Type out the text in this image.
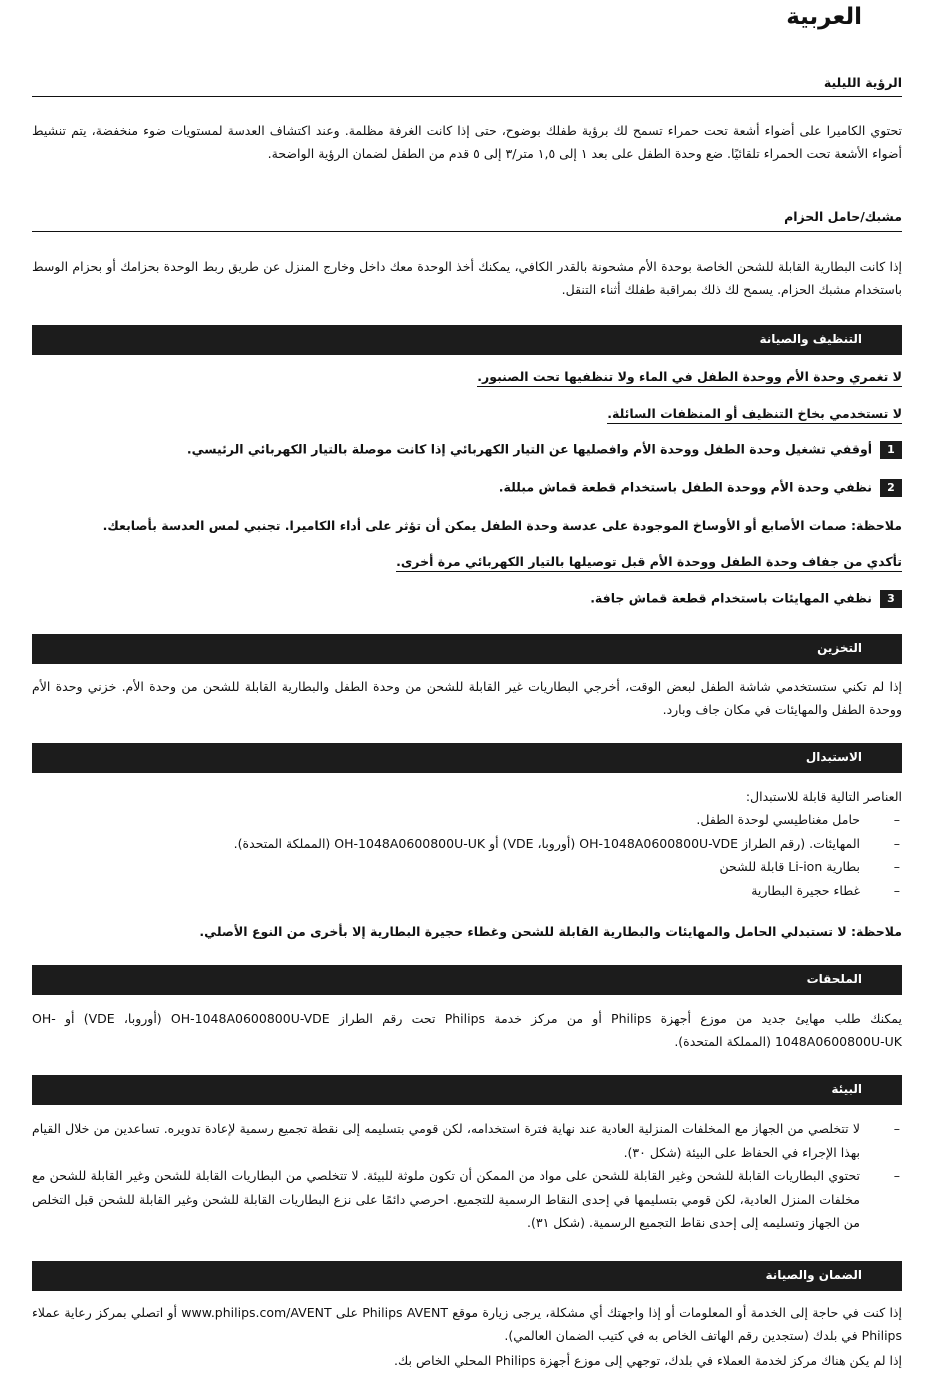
العربية
الرؤية الليلية

تحتوي الكاميرا على أضواء أشعة تحت حمراء تسمح لك برؤية طفلك بوضوح، حتى إذا كانت الغرفة مظلمة. وعند اكتشاف العدسة لمستويات ضوء منخفضة، يتم تنشيط أضواء الأشعة تحت الحمراء تلقائيًا. ضع وحدة الطفل على بعد ١ إلى ١,٥ متر/٣ إلى ٥ قدم من الطفل لضمان الرؤية الواضحة.

مشبك/حامل الحزام

إذا كانت البطارية القابلة للشحن الخاصة بوحدة الأم مشحونة بالقدر الكافي، يمكنك أخذ الوحدة معك داخل وخارج المنزل عن طريق ربط الوحدة بحزامك أو بحزام الوسط باستخدام مشبك الحزام. يسمح لك ذلك بمراقبة طفلك أثناء التنقل.

التنظيف والصيانة
لا تغمري وحدة الأم ووحدة الطفل في الماء ولا تنظفيها تحت الصنبور.
لا تستخدمي بخاخ التنظيف أو المنظفات السائلة.
1أوقفي تشغيل وحدة الطفل ووحدة الأم وافصليها عن التيار الكهربائي إذا كانت موصلة بالتيار الكهربائي الرئيسي.
2نظفي وحدة الأم ووحدة الطفل باستخدام قطعة قماش مبللة.

ملاحظة: صمات الأصابع أو الأوساخ الموجودة على عدسة وحدة الطفل يمكن أن تؤثر على أداء الكاميرا. تجنبي لمس العدسة بأصابعك.

تأكدي من جفاف وحدة الطفل ووحدة الأم قبل توصيلها بالتيار الكهربائي مرة أخرى.
3نظفي المهايئات باستخدام قطعة قماش جافة.
التخزين

إذا لم تكني ستستخدمي شاشة الطفل لبعض الوقت، أخرجي البطاريات غير القابلة للشحن من وحدة الطفل والبطارية القابلة للشحن من وحدة الأم. خزني وحدة الأم ووحدة الطفل والمهايئات في مكان جاف وبارد.

الاستبدال

العناصر التالية قابلة للاستبدال:

– حامل مغناطيسي لوحدة الطفل.
– المهايئات. (رقم الطراز OH-1048A0600800U-VDE (أوروبا، VDE) أو OH-1048A0600800U-UK (المملكة المتحدة).
– بطارية Li-ion قابلة للشحن
– غطاء حجيرة البطارية

ملاحظة: لا تستبدلي الحامل والمهايئات والبطارية القابلة للشحن وغطاء حجيرة البطارية إلا بأخرى من النوع الأصلي.

الملحقات

يمكنك طلب مهايئ جديد من موزع أجهزة Philips أو من مركز خدمة Philips تحت رقم الطراز OH-1048A0600800U-VDE (أوروبا، VDE) أو OH-1048A0600800U-UK (المملكة المتحدة).

البيئة
– لا تتخلصي من الجهاز مع المخلفات المنزلية العادية عند نهاية فترة استخدامه، لكن قومي بتسليمه إلى نقطة تجميع رسمية لإعادة تدويره. تساعدين من خلال القيام بهذا الإجراء في الحفاظ على البيئة (شكل ٣٠).
– تحتوي البطاريات القابلة للشحن وغير القابلة للشحن على مواد من الممكن أن تكون ملوثة للبيئة. لا تتخلصي من البطاريات القابلة للشحن وغير القابلة للشحن مع مخلفات المنزل العادية، لكن قومي بتسليمها في إحدى النقاط الرسمية للتجميع. احرصي دائمًا على نزع البطاريات القابلة للشحن وغير القابلة للشحن قبل التخلص من الجهاز وتسليمه إلى إحدى نقاط التجميع الرسمية. (شكل ٣١).
الضمان والصيانة

إذا كنت في حاجة إلى الخدمة أو المعلومات أو إذا واجهتك أي مشكلة، يرجى زيارة موقع Philips AVENT على www.philips.com/AVENT أو اتصلي بمركز رعاية عملاء Philips في بلدك (ستجدين رقم الهاتف الخاص به في كتيب الضمان العالمي).

إذا لم يكن هناك مركز لخدمة العملاء في بلدك، توجهي إلى موزع أجهزة Philips المحلي الخاص بك.
